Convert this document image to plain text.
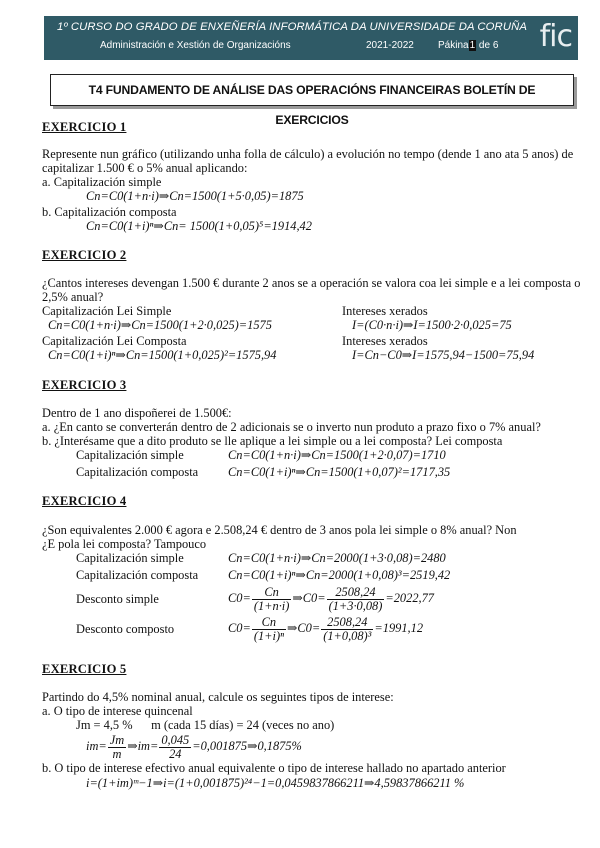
1º CURSO DO GRADO DE ENXEÑERÍA INFORMÁTICA DA UNIVERSIDADE DA CORUÑA
Administración e Xestión de Organizacións	2021-2022 Pákina1 de 6 fic
T4 FUNDAMENTO DE ANÁLISE DAS OPERACIÓNS FINANCEIRAS BOLETÍN DE EXERCICIOS
EXERCICIO 1
Represente nun gráfico (utilizando unha folla de cálculo) a evolución no tempo (dende 1 ano ata 5 anos) de
capitalizar 1.500 € o 5% anual aplicando:
a. Capitalización simple
Cn=C0(1+n·i)⇒Cn=1500(1+5·0,05)=1875
b. Capitalización composta
Cn=C0(1+i)ⁿ⇒Cn= 1500(1+0,05)⁵=1914,42
EXERCICIO 2
¿Cantos intereses devengan 1.500 € durante 2 anos se a operación se valora coa lei simple e a lei composta o
2,5% anual?
Capitalización Lei Simple
Cn=C0(1+n·i)⇒Cn=1500(1+2·0,025)=1575
Intereses xerados
I=(C0·n·i)⇒I=1500·2·0,025=75
Capitalización Lei Composta
Cn=C0(1+i)ⁿ⇒Cn=1500(1+0,025)²=1575,94
Intereses xerados
I=Cn−C0⇒I=1575,94−1500=75,94
EXERCICIO 3
Dentro de 1 ano dispoñerei de 1.500€:
a. ¿En canto se converterán dentro de 2 adicionais se o inverto nun produto a prazo fixo o 7% anual?
b. ¿Interésame que a dito produto se lle aplique a lei simple ou a lei composta? Lei composta
Capitalización simple	Cn=C0(1+n·i)⇒Cn=1500(1+2·0,07)=1710
Capitalización composta Cn=C0(1+i)ⁿ⇒Cn=1500(1+0,07)²=1717,35
EXERCICIO 4
¿Son equivalentes 2.000 € agora e 2.508,24 € dentro de 3 anos pola lei simple o 8% anual? Non
¿E pola lei composta? Tampouco
Capitalización simple	Cn=C0(1+n·i)⇒Cn=2000(1+3·0,08)=2480
Capitalización composta Cn=C0(1+i)ⁿ⇒Cn=2000(1+0,08)³=2519,42
Desconto simple	$C0= \frac{Cn}{(1+n\cdot i)}$ ⇒C0= $\frac{2508,24}{(1+3\cdot 0,08)} =2022,77$
Desconto composto	$C0= \frac{Cn}{\text{(1+i)ⁿ}}$ ⇒C0= $\frac{2508,24}{\text{(1+0,08)³}} =1991,12$
EXERCICIO 5
Partindo do 4,5% nominal anual, calcule os seguintes tipos de interese:
a. O tipo de interese quincenal
Jm = 4,5 %      m (cada 15 días) = 24 (veces no ano)
$im= \frac{Jm}{m}$ ⇒im= $\frac{0,045}{24}$ =0,001875⇒0,1875%
b. O tipo de interese efectivo anual equivalente o tipo de interese hallado no apartado anterior
i=(1+im)ᵐ−1⇒i=(1+0,001875)²⁴−1=0,0459837866211⇒4,59837866211 %
